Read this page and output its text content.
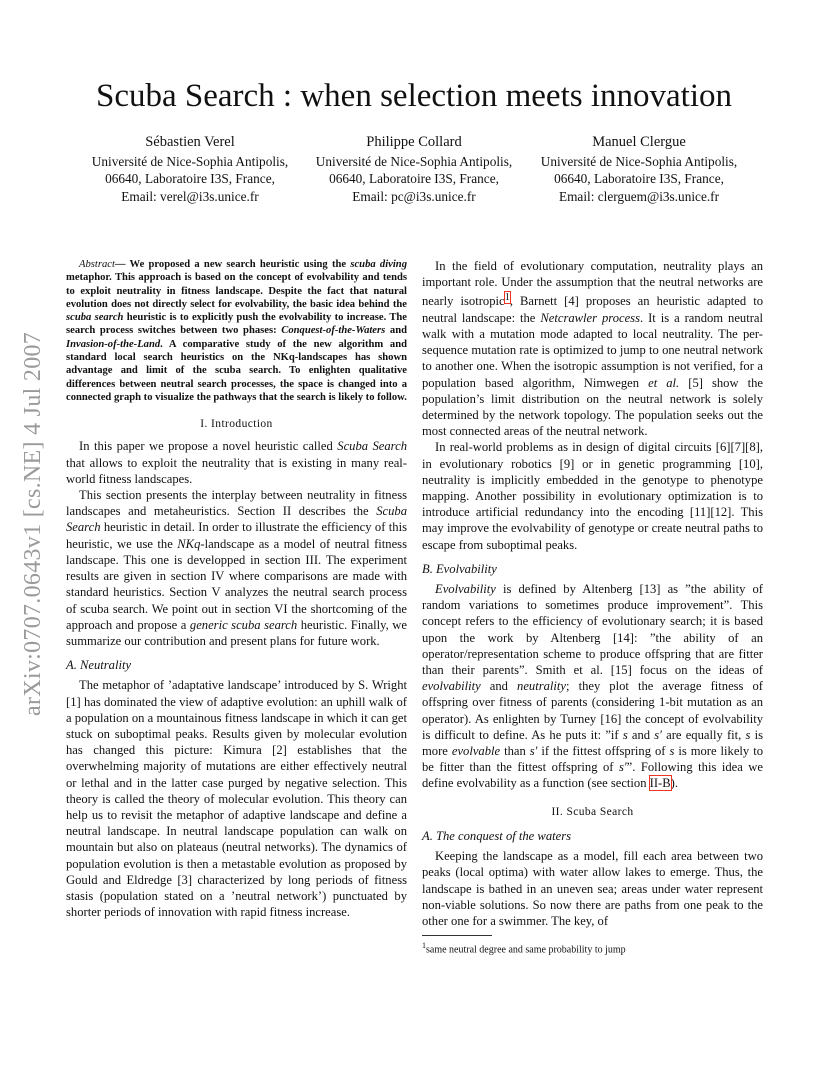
arXiv:0707.0643v1 [cs.NE] 4 Jul 2007
Scuba Search : when selection meets innovation
Sébastien Verel
Université de Nice-Sophia Antipolis,
06640, Laboratoire I3S, France,
Email: verel@i3s.unice.fr
Philippe Collard
Université de Nice-Sophia Antipolis,
06640, Laboratoire I3S, France,
Email: pc@i3s.unice.fr
Manuel Clergue
Université de Nice-Sophia Antipolis,
06640, Laboratoire I3S, France,
Email: clerguem@i3s.unice.fr

Abstract— We proposed a new search heuristic using the scuba diving metaphor. This approach is based on the concept of evolvability and tends to exploit neutrality in fitness landscape. Despite the fact that natural evolution does not directly select for evolvability, the basic idea behind the scuba search heuristic is to explicitly push the evolvability to increase. The search process switches between two phases: Conquest-of-the-Waters and Invasion-of-the-Land. A comparative study of the new algorithm and standard local search heuristics on the NKq-landscapes has shown advantage and limit of the scuba search. To enlighten qualitative differences between neutral search processes, the space is changed into a connected graph to visualize the pathways that the search is likely to follow.

I. Introduction

In this paper we propose a novel heuristic called Scuba Search that allows to exploit the neutrality that is existing in many real-world fitness landscapes.

This section presents the interplay between neutrality in fitness landscapes and metaheuristics. Section II describes the Scuba Search heuristic in detail. In order to illustrate the efficiency of this heuristic, we use the NKq-landscape as a model of neutral fitness landscape. This one is developped in section III. The experiment results are given in section IV where comparisons are made with standard heuristics. Section V analyzes the neutral search process of scuba search. We point out in section VI the shortcoming of the approach and propose a generic scuba search heuristic. Finally, we summarize our contribution and present plans for future work.

A. Neutrality

The metaphor of ’adaptative landscape’ introduced by S. Wright [1] has dominated the view of adaptive evolution: an uphill walk of a population on a mountainous fitness landscape in which it can get stuck on suboptimal peaks. Results given by molecular evolution has changed this picture: Kimura [2] establishes that the overwhelming majority of mutations are either effectively neutral or lethal and in the latter case purged by negative selection. This theory is called the theory of molecular evolution. This theory can help us to revisit the metaphor of adaptive landscape and define a neutral landscape. In neutral landscape population can walk on mountain but also on plateaus (neutral networks). The dynamics of population evolution is then a metastable evolution as proposed by Gould and Eldredge [3] characterized by long periods of fitness stasis (population stated on a ’neutral network’) punctuated by shorter periods of innovation with rapid fitness increase.

In the field of evolutionary computation, neutrality plays an important role. Under the assumption that the neutral networks are nearly isotropic$^1$, Barnett [4] proposes an heuristic adapted to neutral landscape: the Netcrawler process. It is a random neutral walk with a mutation mode adapted to local neutrality. The per-sequence mutation rate is optimized to jump to one neutral network to another one. When the isotropic assumption is not verified, for a population based algorithm, Nimwegen et al. [5] show the population’s limit distribution on the neutral network is solely determined by the network topology. The population seeks out the most connected areas of the neutral network.

In real-world problems as in design of digital circuits [6][7][8], in evolutionary robotics [9] or in genetic programming [10], neutrality is implicitly embedded in the genotype to phenotype mapping. Another possibility in evolutionary optimization is to introduce artificial redundancy into the encoding [11][12]. This may improve the evolvability of genotype or create neutral paths to escape from suboptimal peaks.

B. Evolvability

Evolvability is defined by Altenberg [13] as ”the ability of random variations to sometimes produce improvement”. This concept refers to the efficiency of evolutionary search; it is based upon the work by Altenberg [14]: ”the ability of an operator/representation scheme to produce offspring that are fitter than their parents”. Smith et al. [15] focus on the ideas of evolvability and neutrality; they plot the average fitness of offspring over fitness of parents (considering 1-bit mutation as an operator). As enlighten by Turney [16] the concept of evolvability is difficult to define. As he puts it: ”if s and s′ are equally fit, s is more evolvable than s′ if the fittest offspring of s is more likely to be fitter than the fittest offspring of s′”. Following this idea we define evolvability as a function (see section II-B).

II. Scuba Search
A. The conquest of the waters

Keeping the landscape as a model, fill each area between two peaks (local optima) with water allow lakes to emerge. Thus, the landscape is bathed in an uneven sea; areas under water represent non-viable solutions. So now there are paths from one peak to the other one for a swimmer. The key, of

$^1$same neutral degree and same probability to jump
